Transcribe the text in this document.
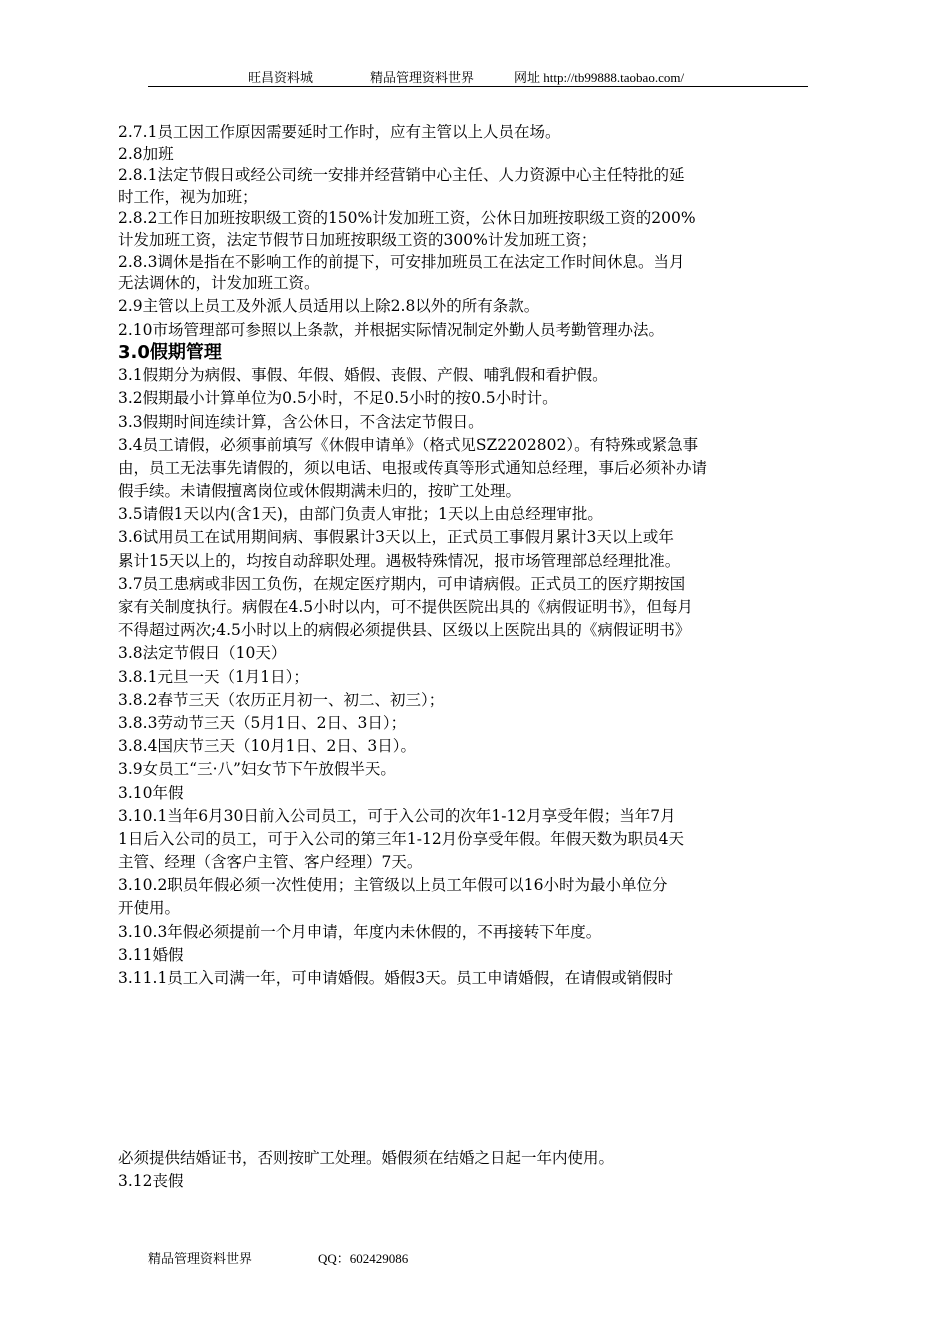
旺昌资料城	精品管理资料世界	网址 http://tb99888.taobao.com/
2.7.1员工因工作原因需要延时工作时，应有主管以上人员在场。
2.8加班
2.8.1法定节假日或经公司统一安排并经营销中心主任、人力资源中心主任特批的延
时工作，视为加班；
2.8.2工作日加班按职级工资的150%计发加班工资，公休日加班按职级工资的200%
计发加班工资，法定节假节日加班按职级工资的300%计发加班工资；
2.8.3调休是指在不影响工作的前提下，可安排加班员工在法定工作时间休息。当月
无法调休的，计发加班工资。
2.9主管以上员工及外派人员适用以上除2.8以外的所有条款。
2.10市场管理部可参照以上条款，并根据实际情况制定外勤人员考勤管理办法。
3.0假期管理
3.1假期分为病假、事假、年假、婚假、丧假、产假、哺乳假和看护假。
3.2假期最小计算单位为0.5小时，不足0.5小时的按0.5小时计。
3.3假期时间连续计算，含公休日，不含法定节假日。
3.4员工请假，必须事前填写《休假申请单》（格式见SZ2202802）。有特殊或紧急事
由，员工无法事先请假的，须以电话、电报或传真等形式通知总经理，事后必须补办请
假手续。未请假擅离岗位或休假期满未归的，按旷工处理。
3.5请假1天以内(含1天)，由部门负责人审批；1天以上由总经理审批。
3.6试用员工在试用期间病、事假累计3天以上，正式员工事假月累计3天以上或年
累计15天以上的，均按自动辞职处理。遇极特殊情况，报市场管理部总经理批准。
3.7员工患病或非因工负伤，在规定医疗期内，可申请病假。正式员工的医疗期按国
家有关制度执行。病假在4.5小时以内，可不提供医院出具的《病假证明书》，但每月
不得超过两次;4.5小时以上的病假必须提供县、区级以上医院出具的《病假证明书》
3.8法定节假日（10天）
3.8.1元旦一天（1月1日）；
3.8.2春节三天（农历正月初一、初二、初三）；
3.8.3劳动节三天（5月1日、2日、3日）；
3.8.4国庆节三天（10月1日、2日、3日）。
3.9女员工“三·八”妇女节下午放假半天。
3.10年假
3.10.1当年6月30日前入公司员工，可于入公司的次年1-12月享受年假；当年7月
1日后入公司的员工，可于入公司的第三年1-12月份享受年假。年假天数为职员4天
主管、经理（含客户主管、客户经理）7天。
3.10.2职员年假必须一次性使用；主管级以上员工年假可以16小时为最小单位分
开使用。
3.10.3年假必须提前一个月申请，年度内未休假的，不再接转下年度。
3.11婚假
3.11.1员工入司满一年，可申请婚假。婚假3天。员工申请婚假，在请假或销假时
必须提供结婚证书，否则按旷工处理。婚假须在结婚之日起一年内使用。
3.12丧假
精品管理资料世界	QQ：602429086
